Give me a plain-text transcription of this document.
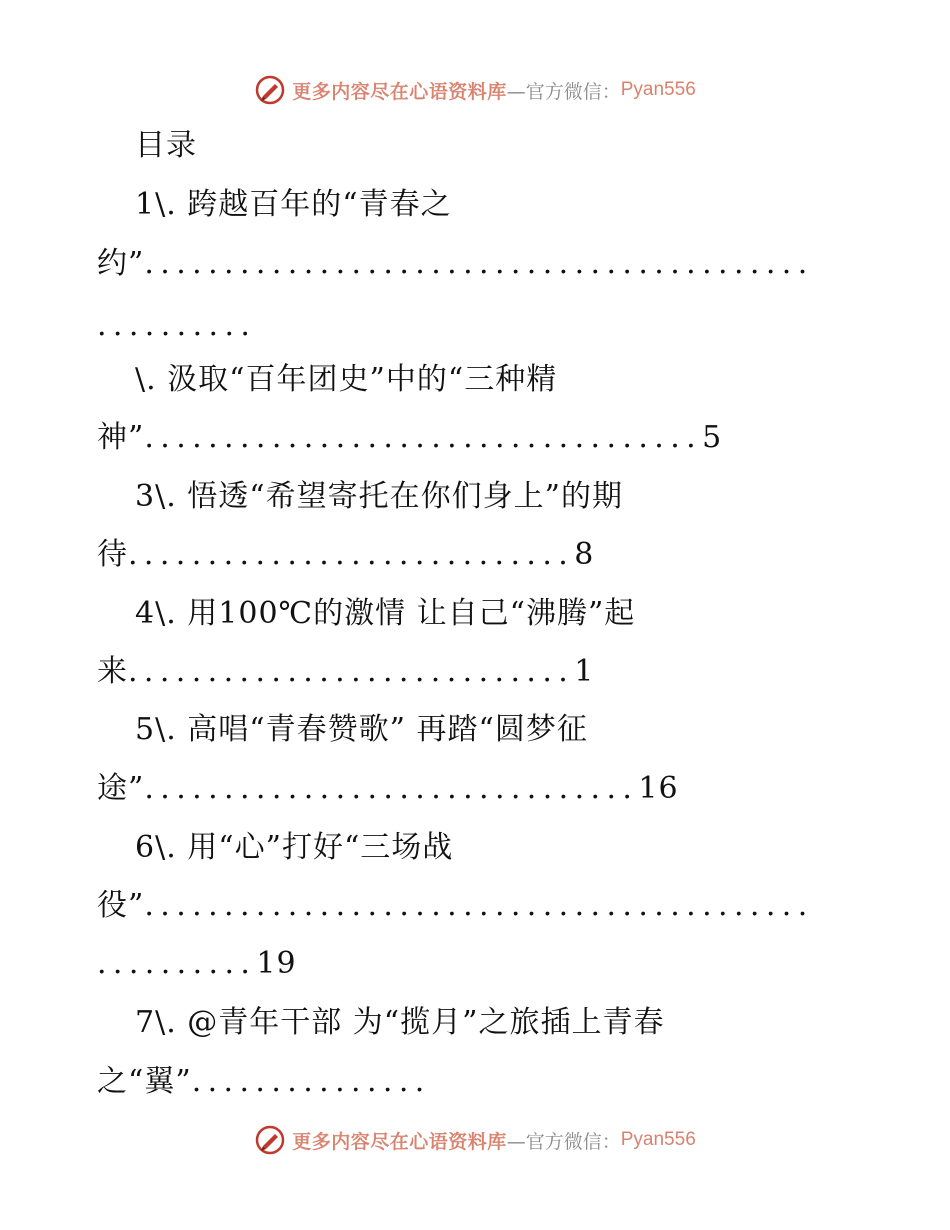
更多内容尽在心语资料库 —官方微信： Pyan556
目录
1\. 跨越百年的“青春之
约”..........................................
..........
\. 汲取“百年团史”中的“三种精
神”...................................5
3\. 悟透“希望寄托在你们身上”的期
待............................8
4\. 用100℃的激情 让自己“沸腾”起
来............................1
5\. 高唱“青春赞歌” 再踏“圆梦征
途”...............................16
6\. 用“心”打好“三场战
役”..........................................
..........19
7\. @青年干部 为“揽月”之旅插上青春
之“翼”...............
更多内容尽在心语资料库 —官方微信： Pyan556
